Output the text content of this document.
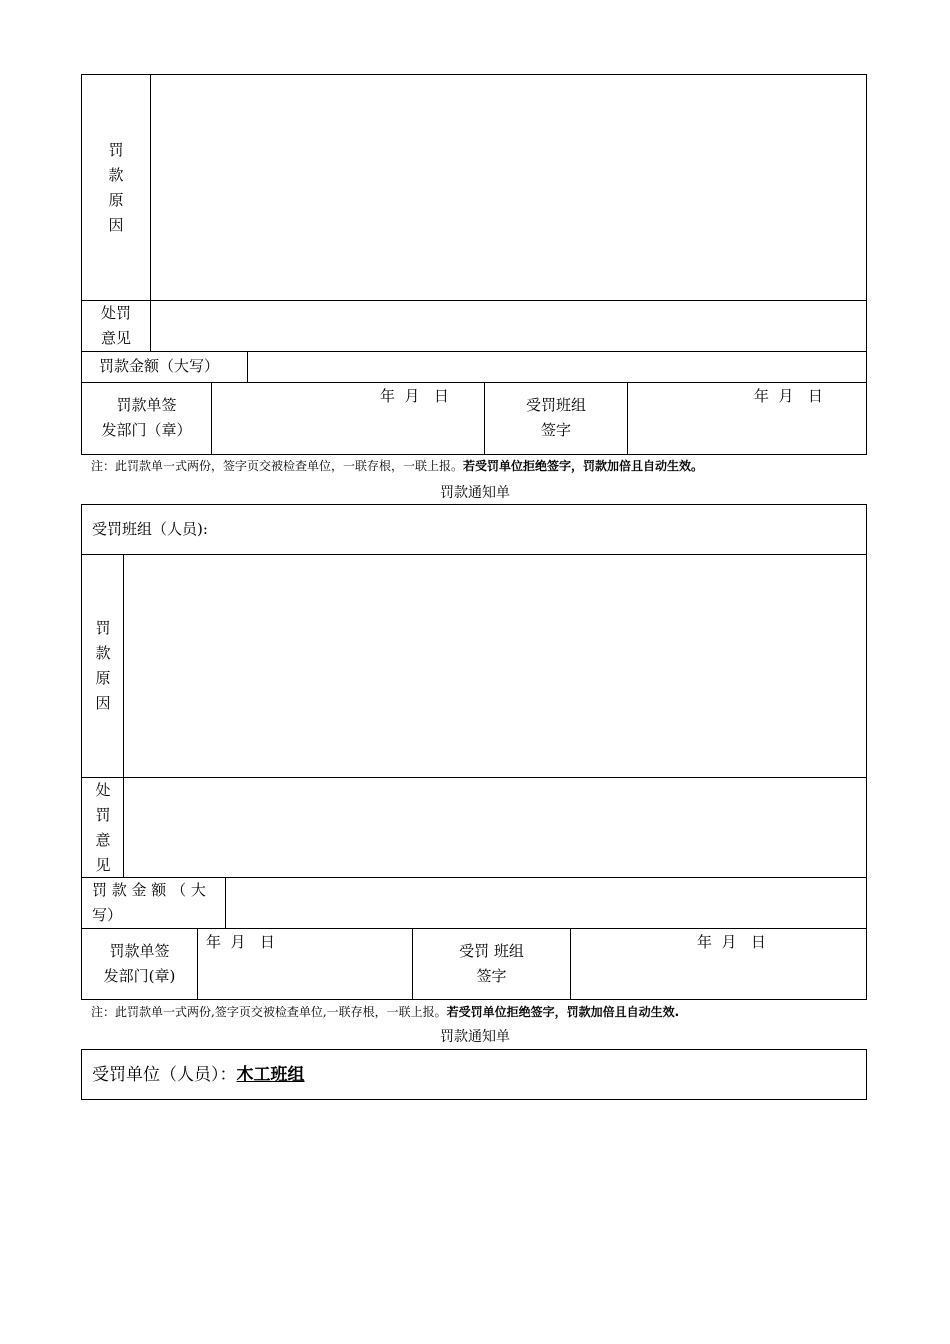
罚
款
原
因
处罚
意见
罚款金额（大写）
罚款单签
发部门（章）
年  月   日	受罚班组
签字
年  月   日
注：此罚款单一式两份，签字页交被检查单位，一联存根，一联上报。若受罚单位拒绝签字，罚款加倍且自动生效。
罚款通知单
受罚班组（人员):
罚
款
原
因
处
罚
意
见
罚 款 金 额 （ 大
写）
罚款单签
发部门(章)
年  月   日	受罚 班组
签字
年  月   日
注：此罚款单一式两份,签字页交被检查单位,一联存根，一联上报。若受罚单位拒绝签字，罚款加倍且自动生效.
罚款通知单
受罚单位（人员）：木工班组
